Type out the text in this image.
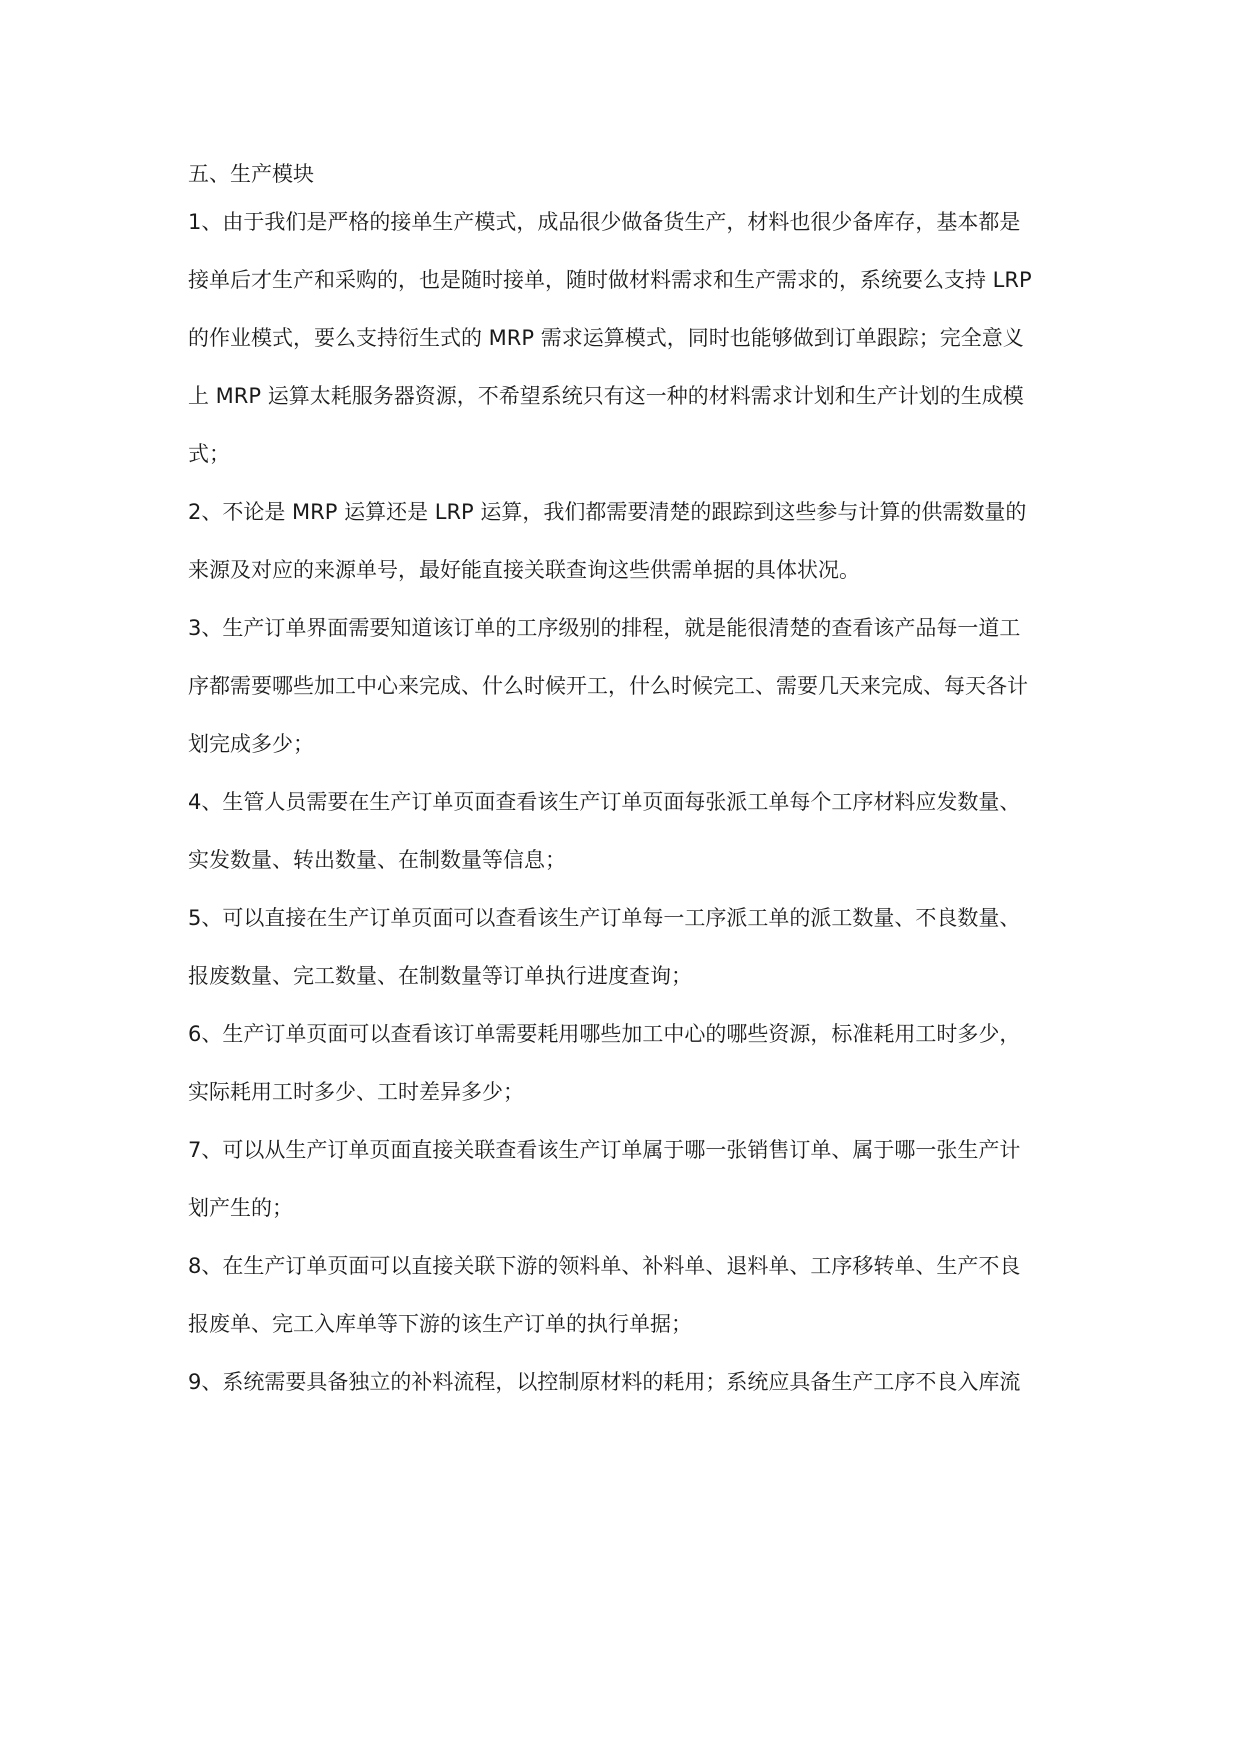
五、生产模块
1、由于我们是严格的接单生产模式，成品很少做备货生产，材料也很少备库存，基本都是
接单后才生产和采购的，也是随时接单，随时做材料需求和生产需求的，系统要么支持 LRP
的作业模式，要么支持衍生式的 MRP 需求运算模式，同时也能够做到订单跟踪；完全意义
上 MRP 运算太耗服务器资源，不希望系统只有这一种的材料需求计划和生产计划的生成模
式；
2、不论是 MRP 运算还是 LRP 运算，我们都需要清楚的跟踪到这些参与计算的供需数量的
来源及对应的来源单号，最好能直接关联查询这些供需单据的具体状况。
3、生产订单界面需要知道该订单的工序级别的排程，就是能很清楚的查看该产品每一道工
序都需要哪些加工中心来完成、什么时候开工，什么时候完工、需要几天来完成、每天各计
划完成多少；
4、生管人员需要在生产订单页面查看该生产订单页面每张派工单每个工序材料应发数量、
实发数量、转出数量、在制数量等信息；
5、可以直接在生产订单页面可以查看该生产订单每一工序派工单的派工数量、不良数量、
报废数量、完工数量、在制数量等订单执行进度查询；
6、生产订单页面可以查看该订单需要耗用哪些加工中心的哪些资源，标准耗用工时多少，
实际耗用工时多少、工时差异多少；
7、可以从生产订单页面直接关联查看该生产订单属于哪一张销售订单、属于哪一张生产计
划产生的；
8、在生产订单页面可以直接关联下游的领料单、补料单、退料单、工序移转单、生产不良
报废单、完工入库单等下游的该生产订单的执行单据；
9、系统需要具备独立的补料流程，以控制原材料的耗用；系统应具备生产工序不良入库流
